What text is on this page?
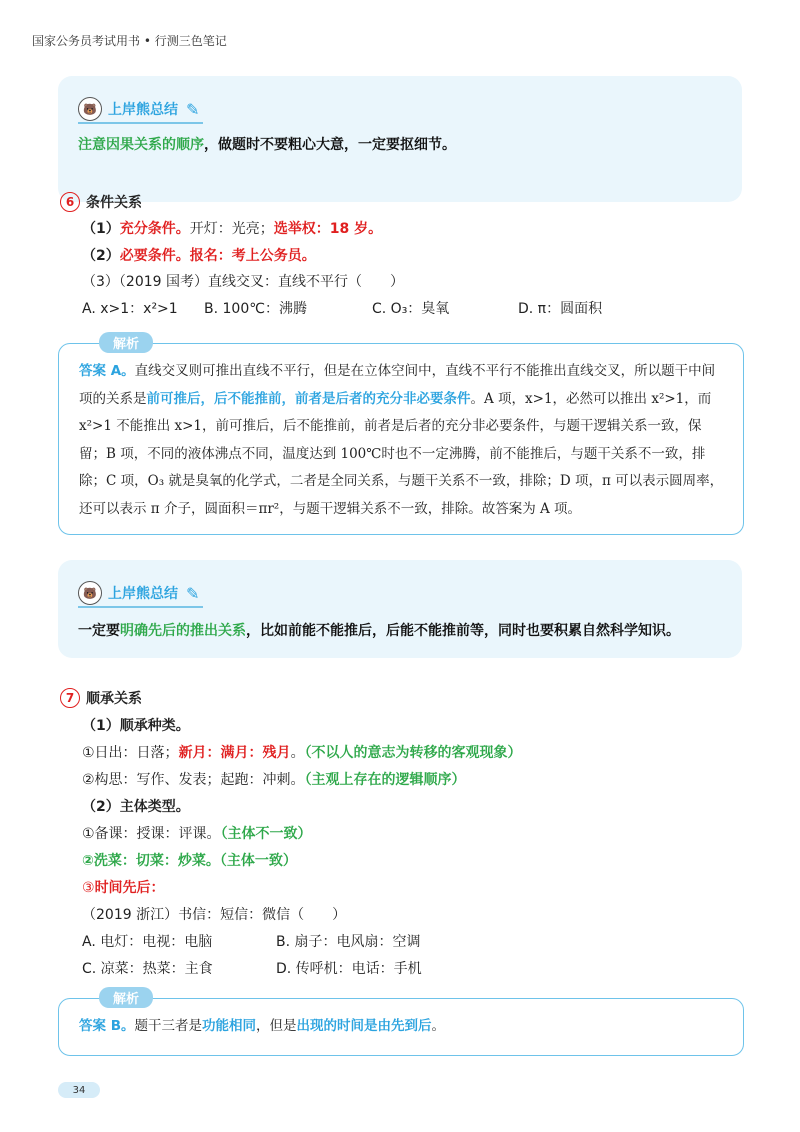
国家公务员考试用书 • 行测三色笔记
🐻 上岸熊总结 ✎
注意因果关系的顺序，做题时不要粗心大意，一定要抠细节。
6 条件关系
（1）充分条件。开灯：光亮；选举权：18 岁。
（2）必要条件。报名：考上公务员。
（3）（2019 国考）直线交叉：直线不平行（　　）
A. x>1：x²>1 B. 100℃：沸腾	C. O₃：臭氧	D. π：圆面积
解析
答案 A。直线交叉则可推出直线不平行，但是在立体空间中，直线不平行不能推出直线交叉，所以题干中间项的关系是前可推后，后不能推前，前者是后者的充分非必要条件。A 项，x>1，必然可以推出 x²>1，而 x²>1 不能推出 x>1，前可推后，后不能推前，前者是后者的充分非必要条件，与题干逻辑关系一致，保留；B 项，不同的液体沸点不同，温度达到 100℃时也不一定沸腾，前不能推后，与题干关系不一致，排除；C 项，O₃ 就是臭氧的化学式，二者是全同关系，与题干关系不一致，排除；D 项，π 可以表示圆周率，还可以表示 π 介子，圆面积＝πr²，与题干逻辑关系不一致，排除。故答案为 A 项。
🐻 上岸熊总结 ✎
一定要明确先后的推出关系，比如前能不能推后，后能不能推前等，同时也要积累自然科学知识。
7 顺承关系
（1）顺承种类。
①日出：日落；新月：满月：残月。（不以人的意志为转移的客观现象）
②构思：写作、发表；起跑：冲刺。（主观上存在的逻辑顺序）
（2）主体类型。
①备课：授课：评课。（主体不一致）
②洗菜：切菜：炒菜。（主体一致）
③时间先后：
（2019 浙江）书信：短信：微信（　　）
A. 电灯：电视：电脑	B. 扇子：电风扇：空调
C. 凉菜：热菜：主食	D. 传呼机：电话：手机
解析
答案 B。题干三者是功能相同，但是出现的时间是由先到后。
34
